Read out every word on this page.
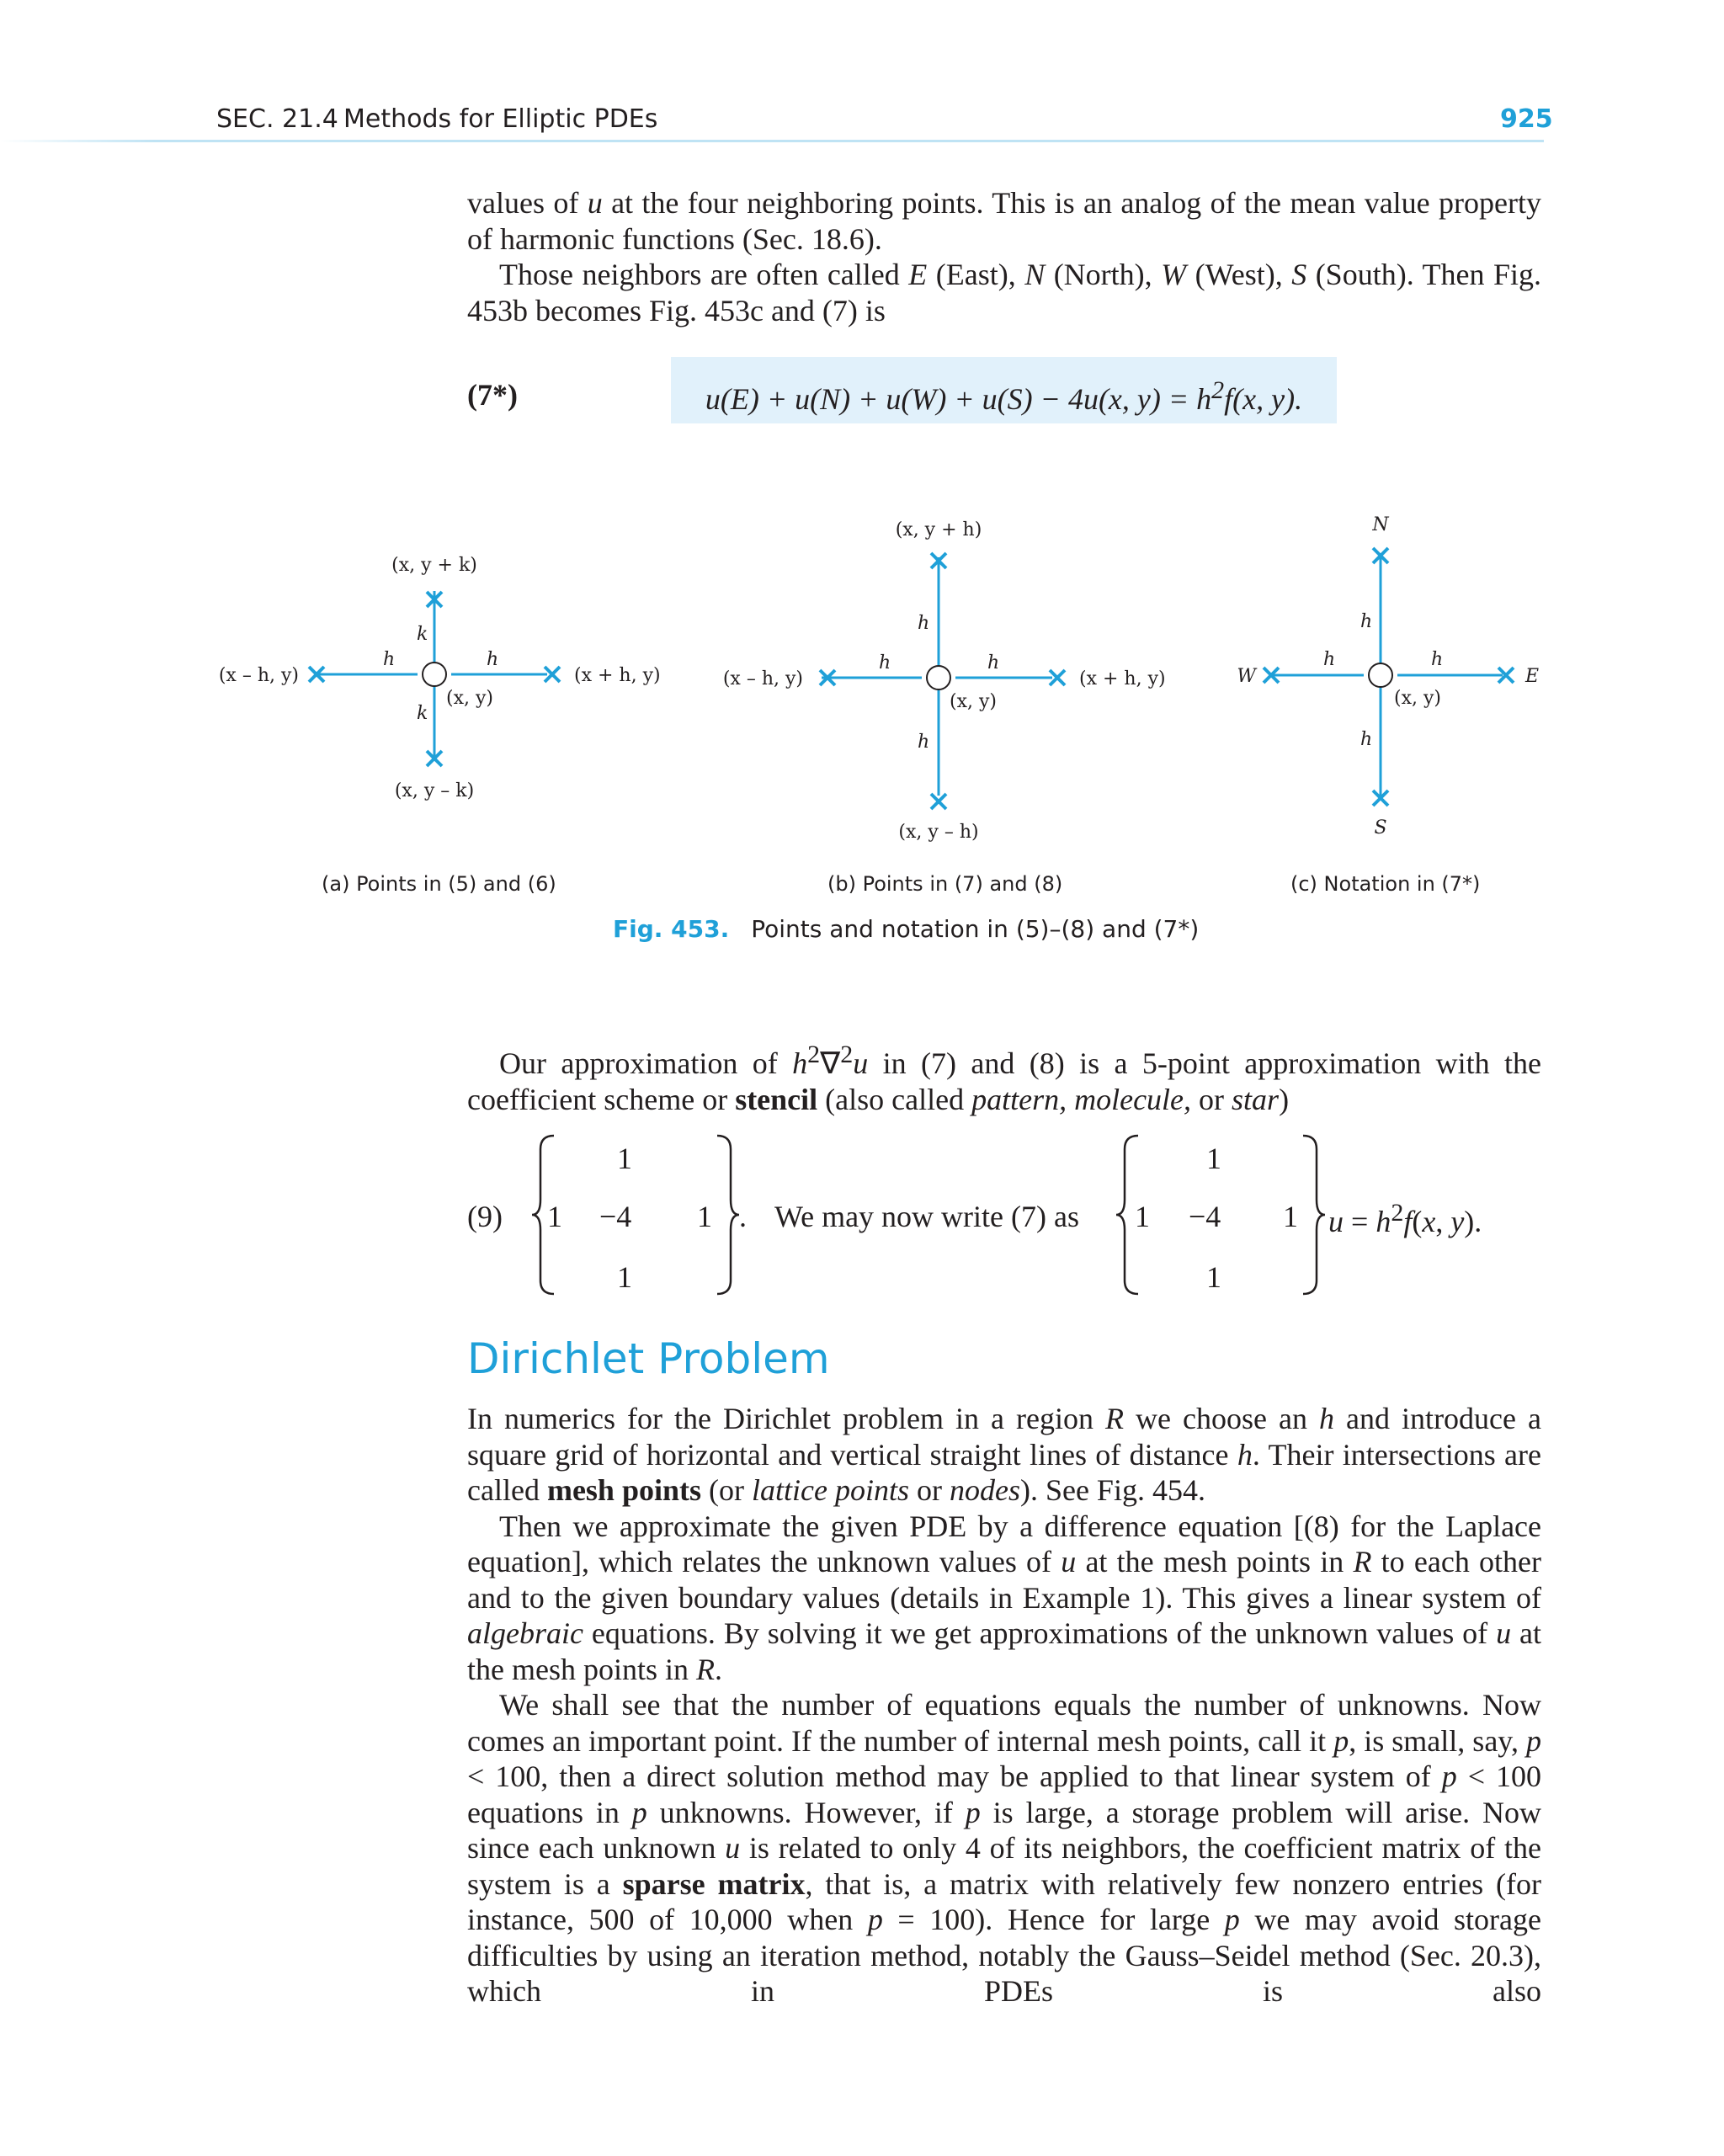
SEC. 21.4 Methods for Elliptic PDEs	925

values of u at the four neighboring points. This is an analog of the mean value property of harmonic functions (Sec. 18.6).

Those neighbors are often called E (East), N (North), W (West), S (South). Then Fig. 453b becomes Fig. 453c and (7) is

(7*)	u(E) + u(N) + u(W) + u(S) − 4u(x, $y) = h^2f(x$, y).
(x, y + k)
(x, y – k)
(x – h, y)	(x + h, y)
(x, y)
h	h
k
k
(x, y + h)
(x, y – h)
(x – h, y)	(x + h, y)
(x, y)
h	h
h
h
N
S
W	E
(x, y)
h	h
h
h
(a) Points in (5) and (6)	(b) Points in (7) and (8)	(c) Notation in (7*)
Fig. 453. Points and notation in (5)–(8) and (7*)

Our approximation of $h^2\nabla^2u$ in (7) and (8) is a 5-point approximation with the coefficient scheme or stencil (also called pattern, molecule, or star)

(9)
1
1 −4 1
1
. We may now write (7) as
1
1 −4 1
1
$u = h^2f(x$, y).
Dirichlet Problem

In numerics for the Dirichlet problem in a region R we choose an h and introduce a square grid of horizontal and vertical straight lines of distance h. Their intersections are called mesh points (or lattice points or nodes). See Fig. 454.

Then we approximate the given PDE by a difference equation [(8) for the Laplace equation], which relates the unknown values of u at the mesh points in R to each other and to the given boundary values (details in Example 1). This gives a linear system of algebraic equations. By solving it we get approximations of the unknown values of u at the mesh points in R.

We shall see that the number of equations equals the number of unknowns. Now comes an important point. If the number of internal mesh points, call it p, is small, say, p < 100, then a direct solution method may be applied to that linear system of p < 100 equations in p unknowns. However, if p is large, a storage problem will arise. Now since each unknown u is related to only 4 of its neighbors, the coefficient matrix of the system is a sparse matrix, that is, a matrix with relatively few nonzero entries (for instance, 500 of 10,000 when p = 100). Hence for large p we may avoid storage difficulties by using an iteration method, notably the Gauss–Seidel method (Sec. 20.3), which in PDEs is also
